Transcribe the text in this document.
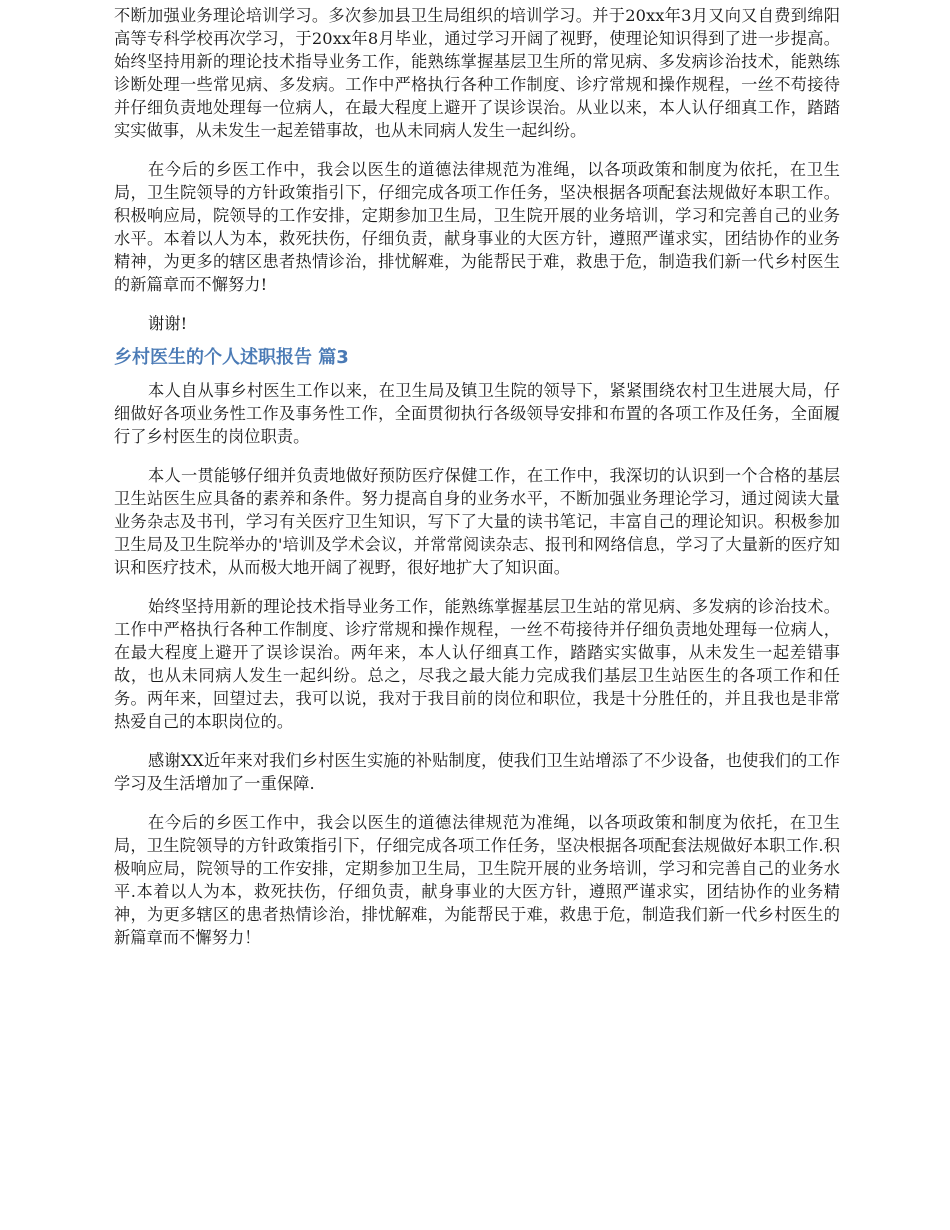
不断加强业务理论培训学习。多次参加县卫生局组织的培训学习。并于20xx年3月又向又自费到绵阳高等专科学校再次学习，于20xx年8月毕业，通过学习开阔了视野，使理论知识得到了进一步提高。始终坚持用新的理论技术指导业务工作，能熟练掌握基层卫生所的常见病、多发病诊治技术，能熟练诊断处理一些常见病、多发病。工作中严格执行各种工作制度、诊疗常规和操作规程，一丝不苟接待并仔细负责地处理每一位病人，在最大程度上避开了误诊误治。从业以来，本人认仔细真工作，踏踏实实做事，从未发生一起差错事故，也从未同病人发生一起纠纷。

在今后的乡医工作中，我会以医生的道德法律规范为准绳，以各项政策和制度为依托，在卫生局，卫生院领导的方针政策指引下，仔细完成各项工作任务，坚决根据各项配套法规做好本职工作。积极响应局，院领导的工作安排，定期参加卫生局，卫生院开展的业务培训，学习和完善自己的业务水平。本着以人为本，救死扶伤，仔细负责，献身事业的大医方针，遵照严谨求实，团结协作的业务精神，为更多的辖区患者热情诊治，排忧解难，为能帮民于难，救患于危，制造我们新一代乡村医生的新篇章而不懈努力!

谢谢!

乡村医生的个人述职报告 篇3

本人自从事乡村医生工作以来，在卫生局及镇卫生院的领导下，紧紧围绕农村卫生进展大局，仔细做好各项业务性工作及事务性工作，全面贯彻执行各级领导安排和布置的各项工作及任务，全面履行了乡村医生的岗位职责。

本人一贯能够仔细并负责地做好预防医疗保健工作，在工作中，我深切的认识到一个合格的基层卫生站医生应具备的素养和条件。努力提高自身的业务水平，不断加强业务理论学习，通过阅读大量业务杂志及书刊，学习有关医疗卫生知识，写下了大量的读书笔记，丰富自己的理论知识。积极参加卫生局及卫生院举办的'培训及学术会议，并常常阅读杂志、报刊和网络信息，学习了大量新的医疗知识和医疗技术，从而极大地开阔了视野，很好地扩大了知识面。

始终坚持用新的理论技术指导业务工作，能熟练掌握基层卫生站的常见病、多发病的诊治技术。工作中严格执行各种工作制度、诊疗常规和操作规程，一丝不苟接待并仔细负责地处理每一位病人，在最大程度上避开了误诊误治。两年来，本人认仔细真工作，踏踏实实做事，从未发生一起差错事故，也从未同病人发生一起纠纷。总之，尽我之最大能力完成我们基层卫生站医生的各项工作和任务。两年来，回望过去，我可以说，我对于我目前的岗位和职位，我是十分胜任的，并且我也是非常热爱自己的本职岗位的。

感谢XX近年来对我们乡村医生实施的补贴制度，使我们卫生站增添了不少设备，也使我们的工作学习及生活增加了一重保障.

在今后的乡医工作中，我会以医生的道德法律规范为准绳，以各项政策和制度为依托，在卫生局，卫生院领导的方针政策指引下，仔细完成各项工作任务，坚决根据各项配套法规做好本职工作.积极响应局，院领导的工作安排，定期参加卫生局，卫生院开展的业务培训，学习和完善自己的业务水平.本着以人为本，救死扶伤，仔细负责，献身事业的大医方针，遵照严谨求实，团结协作的业务精神，为更多辖区的患者热情诊治，排忧解难，为能帮民于难，救患于危，制造我们新一代乡村医生的新篇章而不懈努力！
